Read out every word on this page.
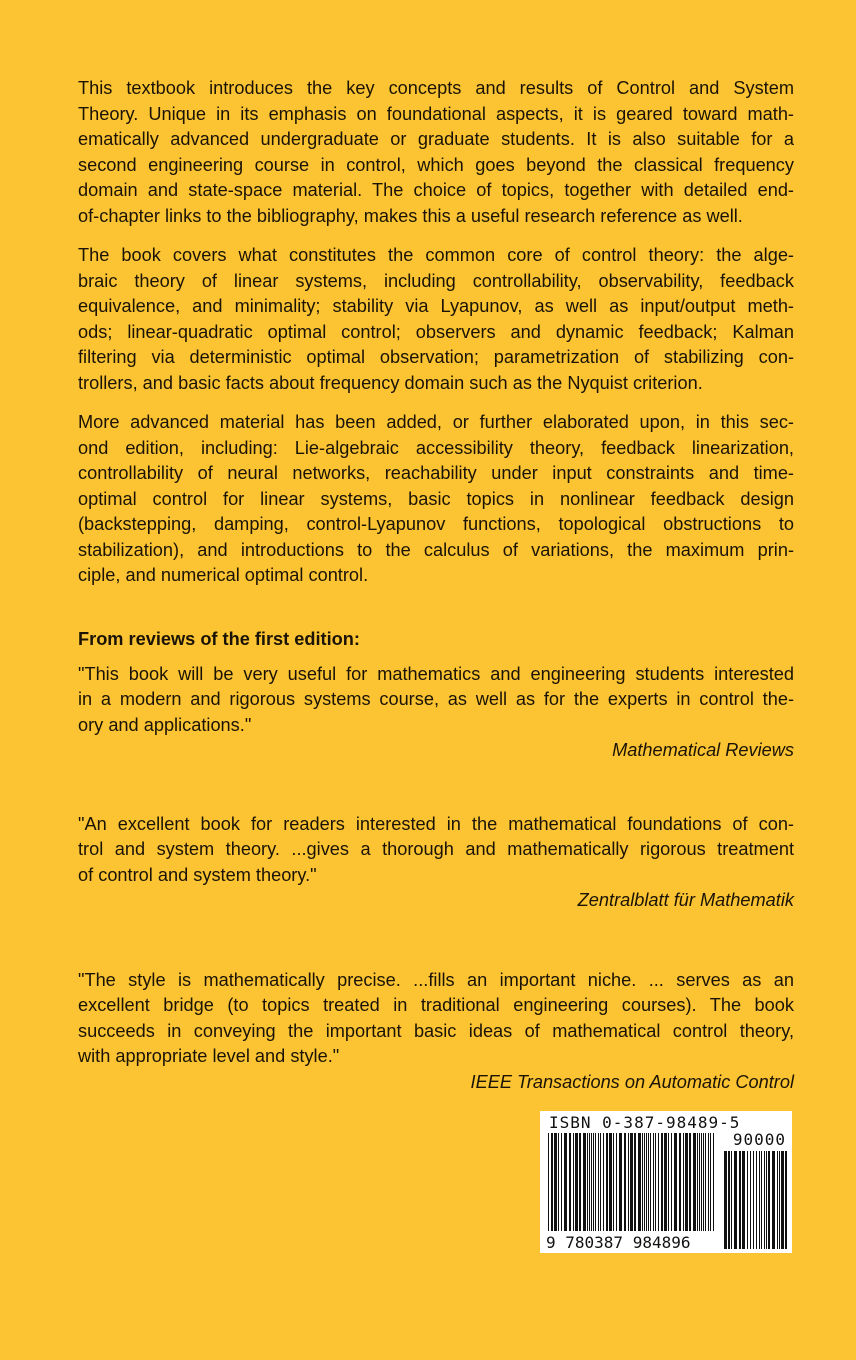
This textbook introduces the key concepts and results of Control and System
Theory. Unique in its emphasis on foundational aspects, it is geared toward math-
ematically advanced undergraduate or graduate students. It is also suitable for a
second engineering course in control, which goes beyond the classical frequency
domain and state-space material. The choice of topics, together with detailed end-
of-chapter links to the bibliography, makes this a useful research reference as well.

The book covers what constitutes the common core of control theory: the alge-
braic theory of linear systems, including controllability, observability, feedback
equivalence, and minimality; stability via Lyapunov, as well as input/output meth-
ods; linear-quadratic optimal control; observers and dynamic feedback; Kalman
filtering via deterministic optimal observation; parametrization of stabilizing con-
trollers, and basic facts about frequency domain such as the Nyquist criterion.

More advanced material has been added, or further elaborated upon, in this sec-
ond edition, including: Lie-algebraic accessibility theory, feedback linearization,
controllability of neural networks, reachability under input constraints and time-
optimal control for linear systems, basic topics in nonlinear feedback design
(backstepping, damping, control-Lyapunov functions, topological obstructions to
stabilization), and introductions to the calculus of variations, the maximum prin-
ciple, and numerical optimal control.

From reviews of the first edition:
"This book will be very useful for mathematics and engineering students interested
in a modern and rigorous systems course, as well as for the experts in control the-
ory and applications."
Mathematical Reviews
"An excellent book for readers interested in the mathematical foundations of con-
trol and system theory. ...gives a thorough and mathematically rigorous treatment
of control and system theory."
Zentralblatt für Mathematik
"The style is mathematically precise. ...fills an important niche. ... serves as an
excellent bridge (to topics treated in traditional engineering courses). The book
succeeds in conveying the important basic ideas of mathematical control theory,
with appropriate level and style."
IEEE Transactions on Automatic Control
ISBN 0-387-98489-5
90000
9 780387 984896
